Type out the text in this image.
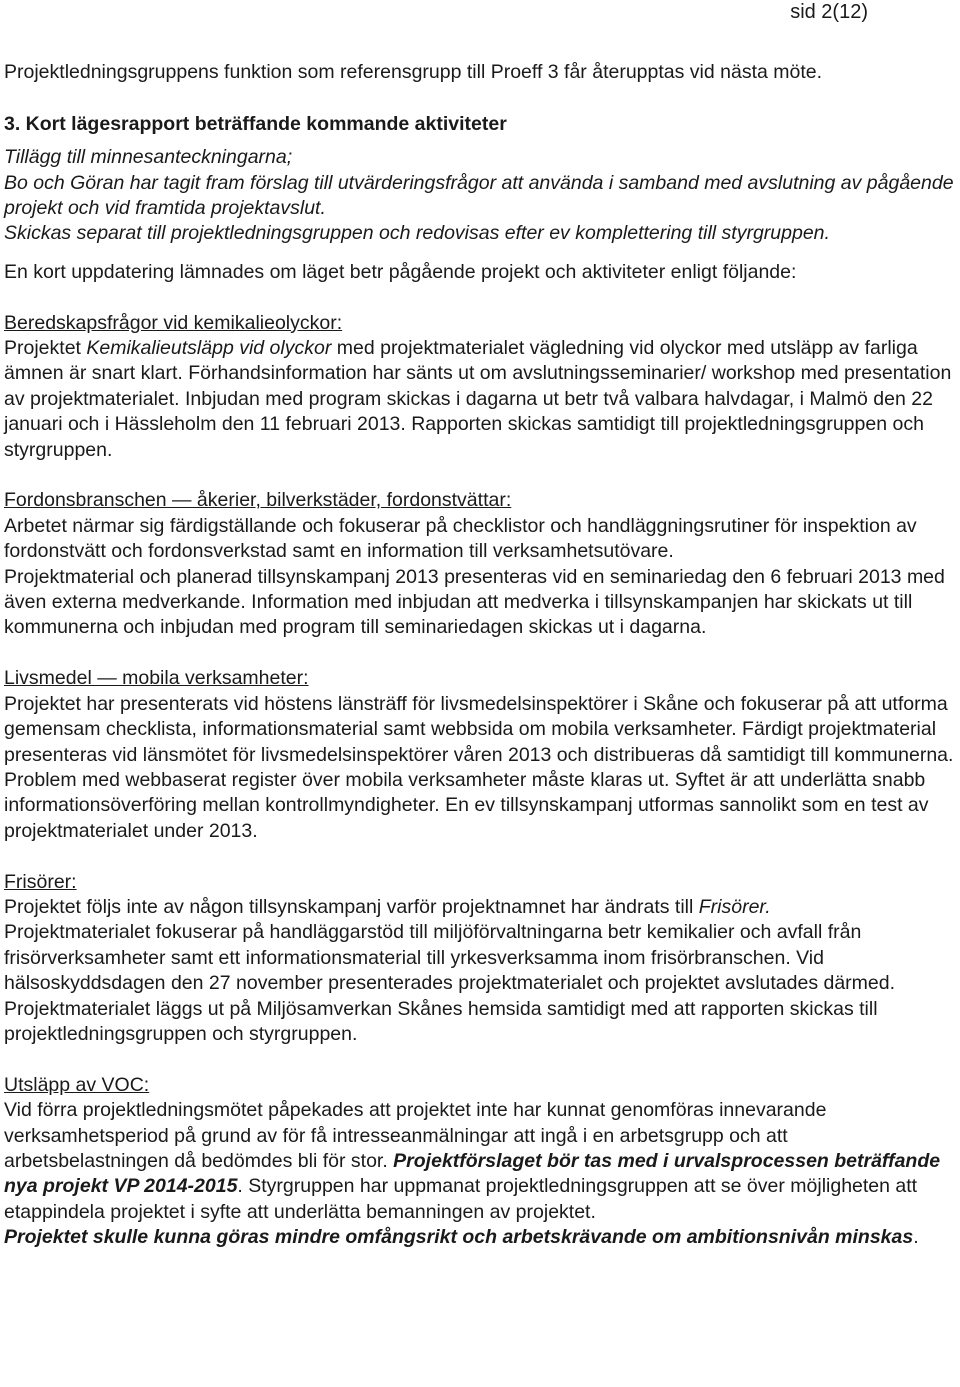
sid 2(12)

Projektledningsgruppens funktion som referensgrupp till Proeff 3 får återupptas vid nästa möte.

3. Kort lägesrapport beträffande kommande aktiviteter

Tillägg till minnesanteckningarna;

Bo och Göran har tagit fram förslag till utvärderingsfrågor att använda i samband med avslutning av pågående projekt och vid framtida projektavslut.

Skickas separat till projektledningsgruppen och redovisas efter ev komplettering till styrgruppen.

En kort uppdatering lämnades om läget betr pågående projekt och aktiviteter enligt följande:

Beredskapsfrågor vid kemikalieolyckor:

Projektet Kemikalieutsläpp vid olyckor med projektmaterialet vägledning vid olyckor med utsläpp av farliga ämnen är snart klart. Förhandsinformation har sänts ut om avslutningsseminarier/ workshop med presentation av projektmaterialet. Inbjudan med program skickas i dagarna ut betr två valbara halvdagar, i Malmö den 22 januari och i Hässleholm den 11 februari 2013. Rapporten skickas samtidigt till projektledningsgruppen och styrgruppen.

Fordonsbranschen — åkerier, bilverkstäder, fordonstvättar:

Arbetet närmar sig färdigställande och fokuserar på checklistor och handläggningsrutiner för inspektion av fordonstvätt och fordonsverkstad samt en information till verksamhetsutövare.

Projektmaterial och planerad tillsynskampanj 2013 presenteras vid en seminariedag den 6 februari 2013 med även externa medverkande. Information med inbjudan att medverka i tillsynskampanjen har skickats ut till kommunerna och inbjudan med program till seminariedagen skickas ut i dagarna.

Livsmedel — mobila verksamheter:

Projektet har presenterats vid höstens länsträff för livsmedelsinspektörer i Skåne och fokuserar på att utforma gemensam checklista, informationsmaterial samt webbsida om mobila verksamheter. Färdigt projektmaterial presenteras vid länsmötet för livsmedelsinspektörer våren 2013 och distribueras då samtidigt till kommunerna.

Problem med webbaserat register över mobila verksamheter måste klaras ut. Syftet är att underlätta snabb informationsöverföring mellan kontrollmyndigheter. En ev tillsynskampanj utformas sannolikt som en test av projektmaterialet under 2013.

Frisörer:

Projektet följs inte av någon tillsynskampanj varför projektnamnet har ändrats till Frisörer.

Projektmaterialet fokuserar på handläggarstöd till miljöförvaltningarna betr kemikalier och avfall från frisörverksamheter samt ett informationsmaterial till yrkesverksamma inom frisörbranschen. Vid hälsoskyddsdagen den 27 november presenterades projektmaterialet och projektet avslutades därmed. Projektmaterialet läggs ut på Miljösamverkan Skånes hemsida samtidigt med att rapporten skickas till projektledningsgruppen och styrgruppen.

Utsläpp av VOC:

Vid förra projektledningsmötet påpekades att projektet inte har kunnat genomföras innevarande verksamhetsperiod på grund av för få intresseanmälningar att ingå i en arbetsgrupp och att arbetsbelastningen då bedömdes bli för stor. Projektförslaget bör tas med i urvalsprocessen beträffande nya projekt VP 2014-2015. Styrgruppen har uppmanat projektledningsgruppen att se över möjligheten att etappindela projektet i syfte att underlätta bemanningen av projektet.

Projektet skulle kunna göras mindre omfångsrikt och arbetskrävande om ambitionsnivån minskas.
